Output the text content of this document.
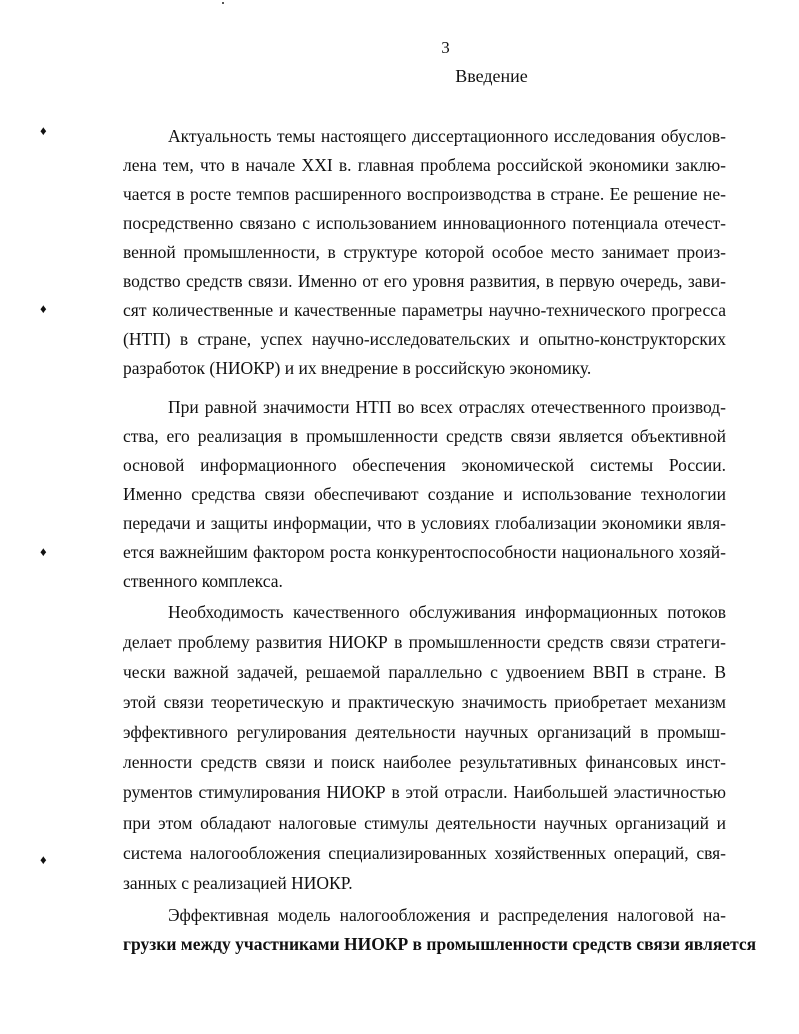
3
Введение
♦
♦
♦
♦
Актуальность темы настоящего диссертационного исследования обуслов-
лена тем, что в начале XXI в. главная проблема российской экономики заклю-
чается в росте темпов расширенного воспроизводства в стране. Ее решение не-
посредственно связано с использованием инновационного потенциала отечест-
венной промышленности, в структуре которой особое место занимает произ-
водство средств связи. Именно от его уровня развития, в первую очередь, зави-
сят количественные и качественные параметры научно-технического прогресса
(НТП) в стране, успех научно-исследовательских и опытно-конструкторских
разработок (НИОКР) и их внедрение в российскую экономику.
При равной значимости НТП во всех отраслях отечественного производ-
ства, его реализация в промышленности средств связи является объективной
основой информационного обеспечения экономической системы России.
Именно средства связи обеспечивают создание и использование технологии
передачи и защиты информации, что в условиях глобализации экономики явля-
ется важнейшим фактором роста конкурентоспособности национального хозяй-
ственного комплекса.
Необходимость качественного обслуживания информационных потоков
делает проблему развития НИОКР в промышленности средств связи стратеги-
чески важной задачей, решаемой параллельно с удвоением ВВП в стране. В
этой связи теоретическую и практическую значимость приобретает механизм
эффективного регулирования деятельности научных организаций в промыш-
ленности средств связи и поиск наиболее результативных финансовых инст-
рументов стимулирования НИОКР в этой отрасли. Наибольшей эластичностью
при этом обладают налоговые стимулы деятельности научных организаций и
система налогообложения специализированных хозяйственных операций, свя-
занных с реализацией НИОКР.
Эффективная модель налогообложения и распределения налоговой на-
грузки между участниками НИОКР в промышленности средств связи является
